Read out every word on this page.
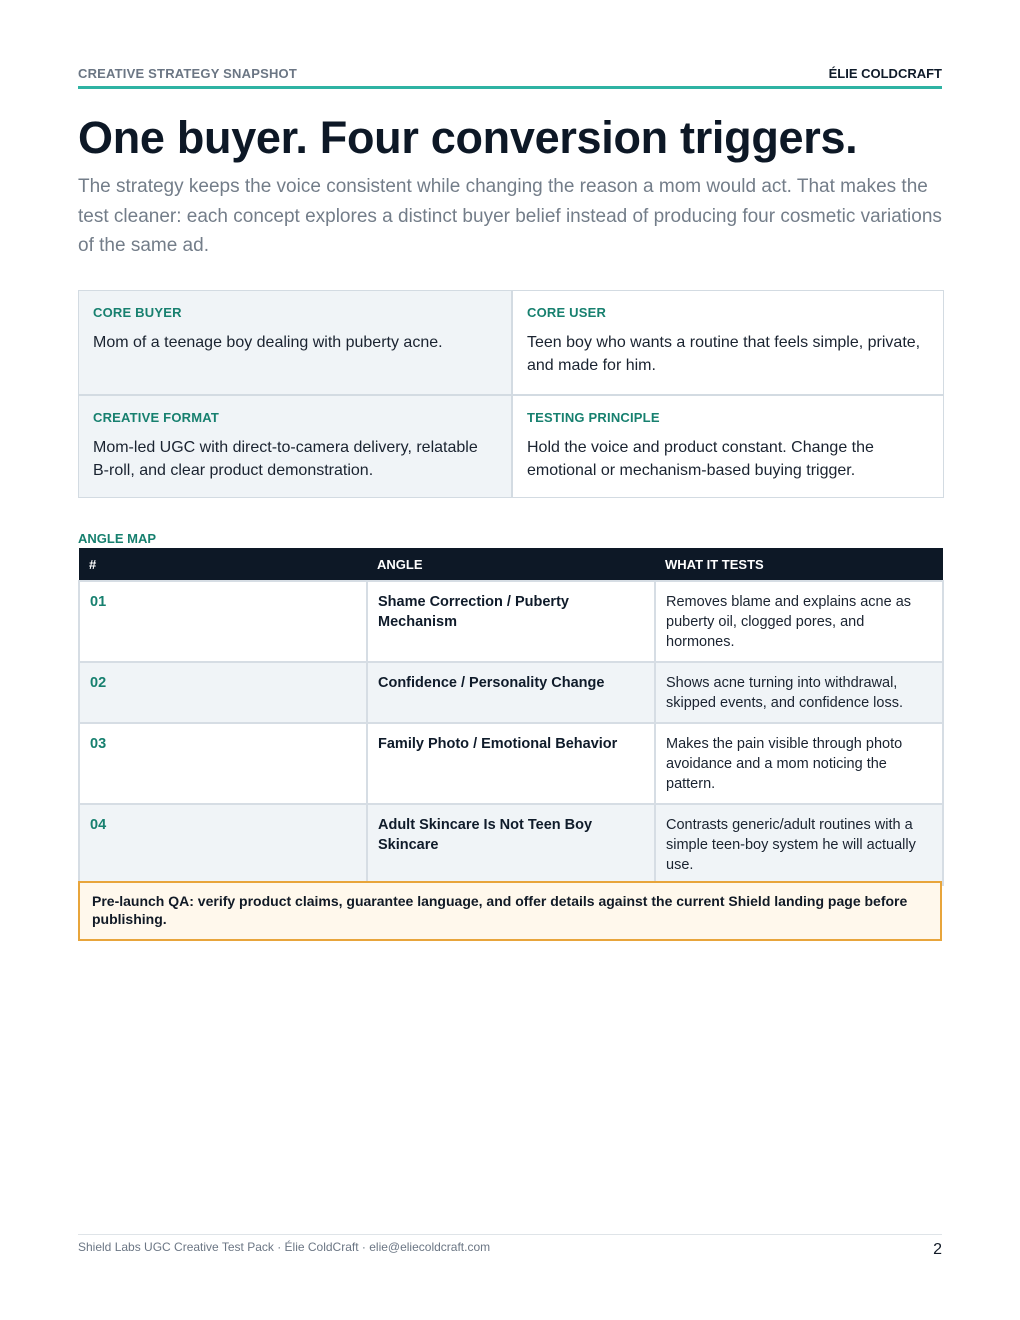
CREATIVE STRATEGY SNAPSHOT	ÉLIE COLDCRAFT
One buyer. Four conversion triggers.

The strategy keeps the voice consistent while changing the reason a mom would act. That makes the test cleaner: each concept explores a distinct buyer belief instead of producing four cosmetic variations of the same ad.

CORE BUYER
Mom of a teenage boy dealing with puberty acne.
CORE USER
Teen boy who wants a routine that feels simple, private, and made for him.
CREATIVE FORMAT
Mom-led UGC with direct-to-camera delivery, relatable B-roll, and clear product demonstration.
TESTING PRINCIPLE
Hold the voice and product constant. Change the emotional or mechanism-based buying trigger.
ANGLE MAP
#	ANGLE	WHAT IT TESTS
01	Shame Correction / Puberty Mechanism	Removes blame and explains acne as puberty oil, clogged pores, and hormones.
02	Confidence / Personality Change	Shows acne turning into withdrawal, skipped events, and confidence loss.
03	Family Photo / Emotional Behavior	Makes the pain visible through photo avoidance and a mom noticing the pattern.
04	Adult Skincare Is Not Teen Boy Skincare	Contrasts generic/adult routines with a simple teen-boy system he will actually use.
Pre-launch QA: verify product claims, guarantee language, and offer details against the current Shield landing page before publishing.
Shield Labs UGC Creative Test Pack · Élie ColdCraft · elie@eliecoldcraft.com	2
